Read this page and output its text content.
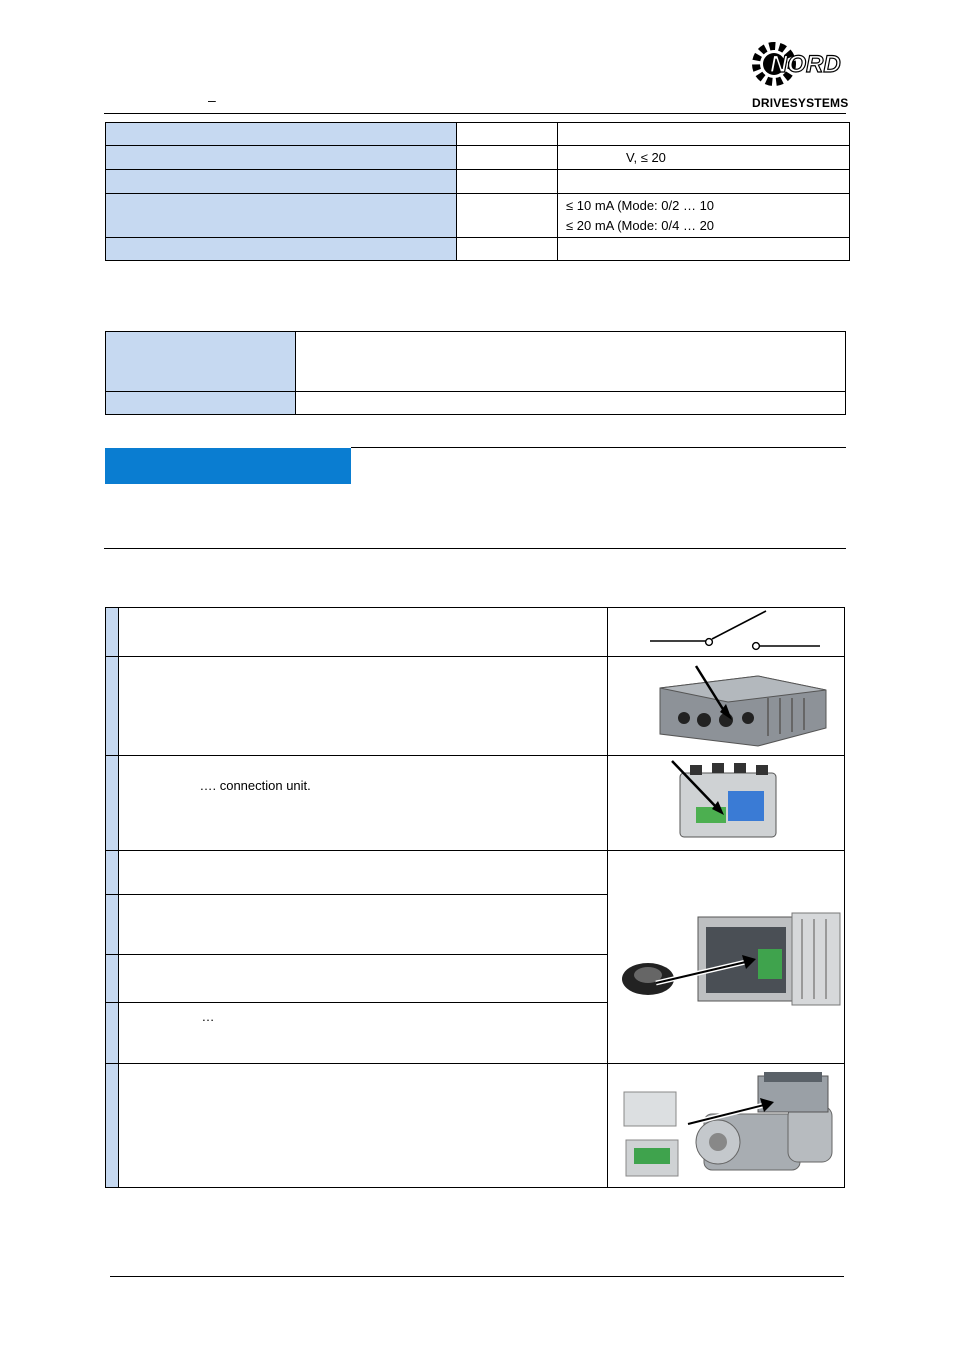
–
NORD
DRIVESYSTEMS

		V, ≤ 20

		≤ 10 mA (Mode: 0/2 … 10
≤ 20 mA (Mode: 0/4 … 20

	…. connection unit.	

	…	
